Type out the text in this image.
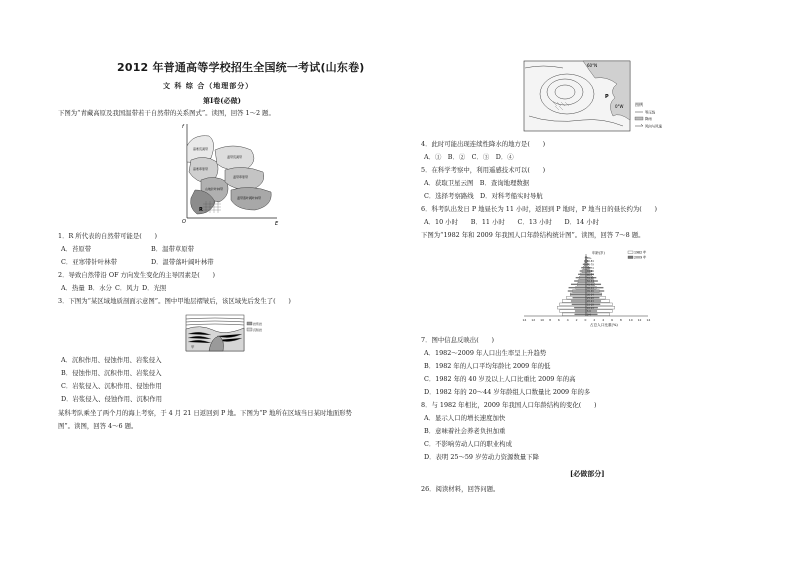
2012 年普通高等学校招生全国统一考试(山东卷)
文 科 综 合（地理部分）
第Ⅰ卷(必做)
下图为“青藏高原及我国温带若干自然带的关系图式”。读图，回答 1～2 题。
f
O	E
高寒荒漠带
高寒草原带
山地针叶林带
温带荒漠带
温带草原带
温带落叶阔叶林带
R
1．R 所代表的自然带可能是(　　)
A．苔原带	B．温带草原带
C．亚寒带针叶林带	D．温带落叶阔叶林带
2．导致自然带沿 OF 方向发生变化的主导因素是(　　)
A．热量 B．水分 C．风力 D．光照
3．下图为“某区域地质剖面示意图”。图中甲地层褶皱后，该区域先后发生了(　　)
甲
岩浆岩
沉积岩
A．沉积作用、侵蚀作用、岩浆侵入
B．侵蚀作用、沉积作用、岩浆侵入
C．岩浆侵入、沉积作用、侵蚀作用
D．岩浆侵入、侵蚀作用、沉积作用
某科考队乘坐了两个月的海上考察，于 4 月 21 日返回到 P 地。下图为“P 地所在区域当日某时地面形势
图”。读图，回答 4～6 题。
60°N
0°W
P
图例
等压线
降雨
风向与风速
4．此时可能出现连续性降水的地方是(　　)
A．①　B．②　C．③　D．④
5．在科学考察中，利用遥感技术可以(　　)
A．获取卫星云图　B．查询地理数据
C．选择考察路线　D．对科考船实时导航
6．科考队出发日 P 地昼长为 11 小时，返回到 P 地时，P 地当日的昼长约为(　　)
A．10 小时　　B．11 小时　　C．13 小时　　D．14 小时
下图为“1982 年和 2009 年我国人口年龄结构统计图”。读图，回答 7～8 题。
85+
80-84
75-79
70-74
65-69
60-64
55-59
50-54
45-49
40-44
35-39
30-34
25-29
20-24
15-19
10-14
5-9
0-4
14 12 10 8 6 4 2 0 2 4 6 8 10 12 14
年龄(岁)	1982 年
2009 年
占总人口比重(%)
7．图中信息反映出(　　)
A．1982～2009 年人口出生率呈上升趋势
B．1982 年的人口平均年龄比 2009 年的低
C．1982 年的 40 岁及以上人口比重比 2009 年的高
D．1982 年的 20～44 岁年龄组人口数量比 2009 年的多
8．与 1982 年相比，2009 年我国人口年龄结构的变化(　　)
A．显示人口的增长速度加快
B．意味着社会养老负担加重
C．不影响劳动人口的职业构成
D．表明 25～59 岁劳动力资源数量下降
[必做部分]
26．阅读材料，回答问题。
